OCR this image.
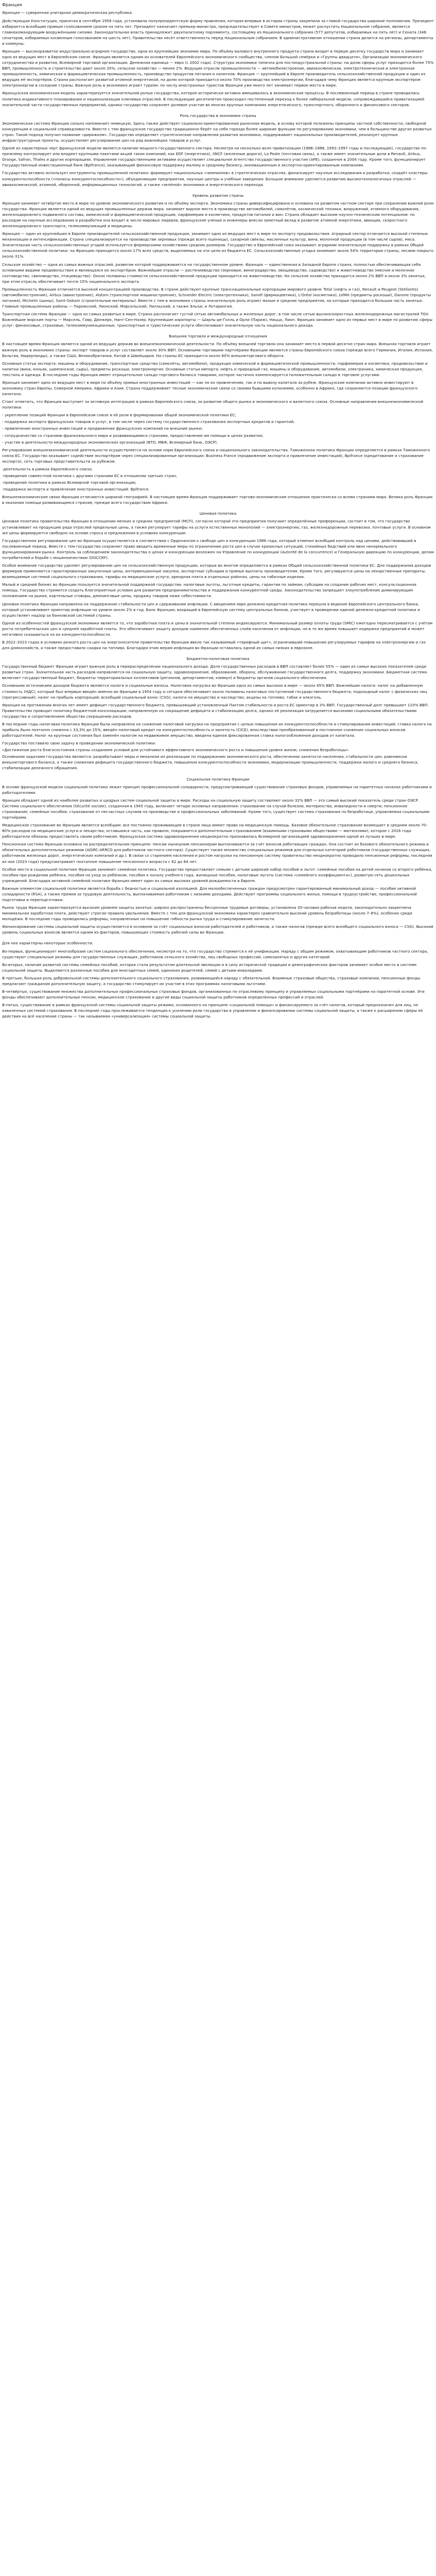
Франция

Франция — суверенная унитарная демократическая республика.

Действующая Конституция, принятая в сентябре 1958 года, установила полупрезидентскую форму правления, которая впервые в истории страны закрепила за главой государства широкие полномочия. Президент избирается всеобщим прямым голосованием сроком на пять лет. Президент назначает премьер-министра, председательствует в Совете министров, может распустить Национальное собрание, является главнокомандующим вооружёнными силами. Законодательная власть принадлежит двухпалатному парламенту, состоящему из Национального собрания (577 депутатов, избираемых на пять лет) и Сената (348 сенаторов, избираемых косвенным голосованием на шесть лет). Правительство несёт ответственность перед Национальным собранием. В административном отношении страна делится на регионы, департаменты и коммуны.

Франция — высокоразвитое индустриально-аграрное государство, одна из крупнейших экономик мира. По объёму валового внутреннего продукта страна входит в первую десятку государств мира и занимает одно из ведущих мест в Европейском союзе. Франция является одним из основателей Европейского экономического сообщества, членом Большой семёрки и «Группы двадцати», Организации экономического сотрудничества и развития, Всемирной торговой организации. Денежная единица — евро (с 2002 года). Структура экономики типична для постиндустриальной страны: на долю сферы услуг приходится более 70% ВВП, промышленность и строительство дают около 20%, сельское хозяйство — менее 2%. Ведущие отрасли промышленности — автомобилестроение, авиакосмическая, электротехническая и электронная промышленность, химическая и фармацевтическая промышленность, производство продуктов питания и напитков. Франция — крупнейший в Европе производитель сельскохозяйственной продукции и один из ведущих её экспортёров. Страна располагает развитой атомной энергетикой, на долю которой приходится около 70% производства электроэнергии, благодаря чему Франция является крупным экспортёром электроэнергии в соседние страны. Важную роль в экономике играет туризм: по числу иностранных туристов Франция уже много лет занимает первое место в мире.

Французская экономическая модель характеризуется значительной ролью государства, которое исторически активно вмешивалось в экономические процессы. В послевоенный период в стране проводилась политика индикативного планирования и национализации ключевых отраслей. В последующие десятилетия происходил постепенный переход к более либеральной модели, сопровождавшийся приватизацией значительной части государственных предприятий, однако государство сохраняет долевое участие во многих крупных компаниях энергетического, транспортного, оборонного и финансового секторов.

Роль государства в экономике страны

Экономическая система Франции сильно напоминает немецкую. Здесь также действует социально-ориентированная рыночная модель, в основу которой положены принципы частной собственности, свободной конкуренции и социальной справедливости. Вместе с тем французское государство традиционно берёт на себя гораздо более широкие функции по регулированию экономики, чем в большинстве других развитых стран. Такой подход получил название «дирижизм». Государство определяет стратегические направления развития экономики, поддерживает национальных производителей, реализует крупные инфраструктурные проекты, осуществляет регулирование цен на ряд важнейших товаров и услуг.

Одной из характерных черт французской модели является наличие мощного государственного сектора. Несмотря на несколько волн приватизации (1986–1988, 1993–1997 годы и последующие), государство по-прежнему контролирует или владеет крупными пакетами акций таких компаний, как EDF (энергетика), SNCF (железные дороги), La Poste (почтовая связь), а также имеет значительные доли в Renault, Airbus, Orange, Safran, Thales и других корпорациях. Управление государственными активами осуществляет специальное Агентство государственного участия (APE), созданное в 2004 году. Кроме того, функционирует Государственный инвестиционный банк (Bpifrance), оказывающий финансовую поддержку малому и среднему бизнесу, инновационным и экспортно-ориентированным компаниям.

Государство активно использует инструменты промышленной политики: формирует национальных «чемпионов» в стратегических отраслях, финансирует научные исследования и разработки, создаёт кластеры конкурентоспособности («полюсы конкурентоспособности»), объединяющие предприятия, научные центры и учебные заведения. Большое внимание уделяется развитию высокотехнологичных отраслей — авиакосмической, атомной, оборонной, информационных технологий, а также «зелёной» экономики и энергетического перехода.

Уровень развития страны

Франция занимает четвёртое место в мире по уровню экономического развития и по объёму экспорта. Экономика страны диверсифицирована и основана на развитом частном секторе при сохранении важной роли государства. Франция является одной из ведущих промышленных держав мира: занимает видное место в производстве автомобилей, самолётов, космической техники, вооружений, атомного оборудования, железнодорожного подвижного состава, химической и фармацевтической продукции, парфюмерии и косметики, продуктов питания и вин. Страна обладает высоким научно-техническим потенциалом: по расходам на научные исследования и разработки она входит в число мировых лидеров, французские учёные и инженеры внесли заметный вклад в развитие атомной энергетики, авиации, скоростного железнодорожного транспорта, телекоммуникаций и медицины.

Франция — один из крупнейших в Европе производителей сельскохозяйственной продукции, занимает одно из ведущих мест в мире по экспорту продовольствия. Аграрный сектор отличается высокой степенью механизации и интенсификации. Страна специализируется на производстве зерновых (прежде всего пшеницы), сахарной свёклы, масличных культур, вина, молочной продукции (в том числе сыров), мяса. Значительная часть сельскохозяйственных угодий используется фермерскими хозяйствами средних размеров. Государство и Европейский союз оказывают аграриям значительную поддержку в рамках Общей сельскохозяйственной политики: на Францию приходится около 17% всех средств, выделяемых на эти цели из бюджета ЕС. Сельскохозяйственные угодья занимают около 54% территории страны, лесами покрыто около 31%.

Сельское хозяйство — одна из самых важных отраслей, развитие которой поддерживается на государственном уровне. Франция — единственная в Западной Европе страна, полностью обеспечивающая себя основными видами продовольствия и являющаяся их экспортёром. Важнейшие отрасли — растениеводство (зерновые, виноградарство, овощеводство, садоводство) и животноводство (мясное и молочное скотоводство, свиноводство, птицеводство). Около половины стоимости сельскохозяйственной продукции приходится на животноводство. На сельское хозяйство приходится около 2% ВВП и около 3% занятых, при этом отрасль обеспечивает почти 15% национального экспорта.

Промышленность Франции отличается высокой концентрацией производства. В стране действуют крупные транснациональные корпорации мирового уровня: Total (нефть и газ), Renault и Peugeot (Stellantis) (автомобилестроение), Airbus (авиастроение), Alstom (транспортное машиностроение), Schneider Electric (электротехника), Sanofi (фармацевтика), L'Oréal (косметика), LVMH (предметы роскоши), Danone (продукты питания), Michelin (шины), Saint-Gobain (строительные материалы). Вместе с тем в экономике страны значительную роль играют малые и средние предприятия, на которые приходится большая часть занятых. Главные промышленные районы — Парижский, Лионский, Марсельский, Лилльский, а также Эльзас и Лотарингия.

Транспортная система Франции — одна из самых развитых в мире. Страна располагает густой сетью автомобильных и железных дорог, в том числе сетью высокоскоростных железнодорожных магистралей TGV. Важнейшие морские порты — Марсель, Гавр, Дюнкерк, Нант-Сен-Назер. Крупнейшие аэропорты — Шарль-де-Голль и Орли (Париж), Ницца, Лион. Франция занимает одно из первых мест в мире по развитию сферы услуг: финансовые, страховые, телекоммуникационные, транспортные и туристические услуги обеспечивают значительную часть национального дохода.

Внешняя торговля и международные отношения

В настоящее время Франция является одной из ведущих держав во внешнеэкономической деятельности. По объёму внешней торговли она занимает место в первой десятке стран мира. Внешняя торговля играет важную роль в экономике страны: экспорт товаров и услуг составляет около 30% ВВП. Основными торговыми партнёрами Франции являются страны Европейского союза (прежде всего Германия, Италия, Испания, Бельгия, Нидерланды), а также США, Великобритания, Китай и Швейцария. На страны ЕС приходится около 60% внешнеторгового оборота.

Основные статьи экспорта: машины и оборудование, транспортные средства (самолёты, автомобили), продукция химической и фармацевтической промышленности, парфюмерия и косметика, продовольствие и напитки (вина, коньяк, шампанское, сыры), предметы роскоши, электроэнергия. Основные статьи импорта: нефть и природный газ, машины и оборудование, автомобили, электроника, химическая продукция, текстиль и одежда. В последние годы Франция имеет отрицательное сальдо торгового баланса товарами, которое частично компенсируется положительным сальдо в торговле услугами.

Франция занимает одно из ведущих мест в мире по объёму прямых иностранных инвестиций — как по их привлечению, так и по вывозу капитала за рубеж. Французские компании активно инвестируют в экономику стран Европы, Северной Америки, Африки и Азии. Страна поддерживает тесные экономические связи со своими бывшими колониями, особенно в Африке, где сохраняются позиции французского капитала.

Стоит отметить, что Франция выступает за активную интеграцию в рамках Европейского союза, за развитие общего рынка и экономического и валютного союза. Основные направления внешнеэкономической политики:

- укрепление позиций Франции в Европейском союзе и её роли в формировании общей экономической политики ЕС;
- поддержка экспорта французских товаров и услуг, в том числе через систему государственного страхования экспортных кредитов и гарантий;
- привлечение иностранных инвестиций и продвижение французских компаний на внешние рынки;
- сотрудничество со странами франкоязычного мира и развивающимися странами, предоставление им помощи в целях развития;
- участие в деятельности международных экономических организаций (ВТО, МВФ, Всемирный банк, ОЭСР).

Регулирование внешнеэкономической деятельности осуществляется на основе норм Европейского союза и национального законодательства. Таможенная политика Франции определяется в рамках Таможенного союза ЕС. Государство оказывает содействие экспортёрам через специализированные организации: Business France (продвижение экспорта и привлечение инвестиций), Bpifrance (кредитование и страхование экспорта), сеть торговых представительств за рубежом.

·деятельность в рамках Европейского союза;
·проведение совместной политики с другими странами ЕС в отношении третьих стран;
·проведение политики в рамках Всемирной торговой организации;
·поддержка экспорта и привлечение иностранных инвестиций: Bpifrance.

Внешнеэкономические связи Франции отличаются широкой географией. В настоящее время Франция поддерживает торгово-экономические отношения практически со всеми странами мира. Велика роль Франции в оказании помощи развивающимся странам, прежде всего государствам Африки.

Ценовая политика

Ценовая политика правительства Франции в отношении мелких и средних предприятий (МСП), согласно которой эти предприятия получают определённые преференции, состоит в том, что государство устанавливает на продукцию ряда отраслей предельные цены, а также регулирует тарифы на услуги естественных монополий — электроэнергию, газ, железнодорожные перевозки, почтовые услуги. В основном же цены формируются свободно на основе спроса и предложения в условиях конкуренции.

Государственное регулирование цен во Франции осуществляется в соответствии с Ордонансом о свободе цен и конкуренции 1986 года, который отменил всеобщий контроль над ценами, действовавший в послевоенный период. Вместе с тем государство сохраняет право вводить временные меры по ограничению роста цен в случае кризисных ситуаций, стихийных бедствий или явно ненормального функционирования рынка. Контроль за соблюдением законодательства о ценах и конкуренции возложен на Управление по конкуренции (Autorité de la concurrence) и Генеральную дирекцию по конкуренции, делам потребителей и борьбе с мошенничеством (DGCCRF).

Особое внимание государство уделяет регулированию цен на сельскохозяйственную продукцию, которые во многом определяются в рамках Общей сельскохозяйственной политики ЕС. Для поддержания доходов фермеров применяются гарантированные закупочные цены, интервенционные закупки, экспортные субсидии и прямые выплаты производителям. Кроме того, регулируются цены на лекарственные препараты, возмещаемые системой социального страхования, тарифы на медицинские услуги, арендная плата в отдельных районах, цены на табачные изделия.

Малый и средний бизнес во Франции пользуется значительной поддержкой государства: налоговые льготы, льготные кредиты, гарантии по займам, субсидии на создание рабочих мест, консультационная помощь. Государство стремится создать благоприятные условия для развития предпринимательства и поддержания конкурентной среды. Законодательство запрещает злоупотребление доминирующим положением на рынке, картельные сговоры, демпинговые цены, продажу товаров ниже себестоимости.

Ценовая политика Франции направлена на поддержание стабильности цен и сдерживание инфляции. С введением евро денежно-кредитная политика перешла в ведение Европейского центрального банка, который устанавливает ориентир инфляции на уровне около 2% в год. Банк Франции, входящий в Европейскую систему центральных банков, участвует в проведении единой денежно-кредитной политики и осуществляет надзор за банковской системой страны.

Одной из особенностей французской экономики является то, что заработная плата и цены в значительной степени индексируются. Минимальный размер оплаты труда (SMIC) ежегодно пересматривается с учётом роста потребительских цен и средней заработной платы. Это обеспечивает защиту доходов наименее обеспеченных слоёв населения от инфляции, но в то же время повышает издержки предприятий и может негативно сказываться на их конкурентоспособности.

В 2022–2023 годах в условиях резкого роста цен на энергоносители правительство Франции ввело так называемый «тарифный щит», ограничивший повышение регулируемых тарифов на электроэнергию и газ для домохозяйств, а также предоставило скидки на топливо. Благодаря этим мерам инфляция во Франции оставалась одной из самых низких в еврозоне.

Бюджетно-налоговая политика

Государственный бюджет Франции играет важную роль в перераспределении национального дохода. Доля государственных расходов в ВВП составляет более 55% — один из самых высоких показателей среди развитых стран. Значительная часть расходов направляется на социальную защиту, здравоохранение, образование, оборону, обслуживание государственного долга, поддержку экономики. Бюджетная система включает государственный бюджет, бюджеты территориальных коллективов (регионов, департаментов, коммун) и бюджеты органов социального обеспечения.

Основными источниками доходов бюджета являются налоги и социальные взносы. Налоговая нагрузка во Франции одна из самых высоких в мире — около 45% ВВП. Важнейшие налоги: налог на добавленную стоимость (НДС), который был впервые введён именно во Франции в 1954 году и сегодня обеспечивает около половины налоговых поступлений государственного бюджета; подоходный налог с физических лиц (прогрессивный); налог на прибыль корпораций; всеобщий социальный взнос (CSG); налоги на имущество и наследство; акцизы на топливо, табак и алкоголь.

Франция на протяжении многих лет имеет дефицит государственного бюджета, превышающий установленный Пактом стабильности и роста ЕС ориентир в 3% ВВП. Государственный долг превышает 110% ВВП. Правительство проводит политику бюджетной консолидации, направленную на сокращение дефицита и стабилизацию долга, однако её реализация затрудняется высокими социальными обязательствами государства и сопротивлением общества сокращению расходов.

В последние годы налоговая политика Франции была направлена на снижение налоговой нагрузки на предприятия с целью повышения их конкурентоспособности и стимулирования инвестиций: ставка налога на прибыль была поэтапно снижена с 33,3% до 25%, введён налоговый кредит на конкурентоспособность и занятость (CICE), впоследствии преобразованный в постоянное снижение социальных взносов работодателей. Налог на крупные состояния был заменён налогом на недвижимое имущество, введена единая фиксированная ставка налогообложения доходов от капитала.

Государство поставило свою задачу в проведении экономической политики:
«Достижение роста благосостояния страны созданием условий для устойчивого эффективного экономического роста и повышения уровня жизни, снижения безработицы».
Основными задачами государства являются: разрабатывает меры и механизм их реализации по поддержанию экономического роста, обеспечению занятости населения, стабильности цен, равновесия внешнеторгового баланса, а также снижения дефицита государственного бюджета, повышения конкурентоспособности экономики, модернизации промышленности, поддержки малого и среднего бизнеса, стабилизации денежного обращения.
Социальная политика Франции

В основе французской модели социальной политики лежит принцип профессиональной солидарности, предусматривающий существование страховых фондов, управляемых на паритетных началах работниками и работодателями.

Франция обладает одной из наиболее развитых и щедрых систем социальной защиты в мире. Расходы на социальную защиту составляют около 32% ВВП — это самый высокий показатель среди стран ОЭСР. Система социального обеспечения (Sécurité sociale), созданная в 1945 году, включает четыре основных направления: страхование на случай болезни, материнства, инвалидности и смерти; пенсионное страхование; семейные пособия; страхование от несчастных случаев на производстве и профессиональных заболеваний. Кроме того, существует система страхования по безработице, управляемая социальными партнёрами.

Медицинское страхование во Франции является всеобщим: все постоянно проживающие в стране лица имеют право на медицинскую помощь. Базовое обязательное страхование возмещает в среднем около 70–80% расходов на медицинские услуги и лекарства; оставшаяся часть, как правило, покрывается дополнительным страхованием (взаимными страховыми обществами — мютюэлями), которое с 2016 года работодатели обязаны предоставлять своим работникам. Французская система здравоохранения неоднократно признавалась Всемирной организацией здравоохранения одной из лучших в мире.

Пенсионная система Франции основана на распределительном принципе: пенсии нынешним пенсионерам выплачиваются за счёт взносов работающих граждан. Она состоит из базового обязательного режима и обязательных дополнительных режимов (AGIRC-ARRCO для работников частного сектора). Существует также множество специальных режимов для отдельных категорий работников (государственных служащих, работников железных дорог, энергетических компаний и др.). В связи со старением населения и ростом нагрузки на пенсионную систему правительство неоднократно проводило пенсионные реформы; последняя из них (2023 года) предусматривает поэтапное повышение пенсионного возраста с 62 до 64 лет.

Особое место в социальной политике Франции занимает семейная политика. Государство предоставляет семьям с детьми широкий набор пособий и льгот: семейные пособия на детей начиная со второго ребёнка, пособия при рождении ребёнка, пособия на уход за ребёнком, пособия к началу учебного года, жилищные пособия, налоговые льготы (система «семейного коэффициента»), развитую сеть дошкольных учреждений. Благодаря активной семейной политике Франция имеет один из самых высоких уровней рождаемости в Европе.

Важным элементом социальной политики является борьба с бедностью и социальной изоляцией. Для малообеспеченных граждан предусмотрен гарантированный минимальный доход — пособие активной солидарности (RSA), а также премия за трудовую деятельность, выплачиваемая работникам с низкими доходами. Действуют программы социального жилья, помощи в трудоустройстве, профессиональной подготовки и переподготовки.

Рынок труда Франции характеризуется высоким уровнем защиты занятых: широко распространены бессрочные трудовые договоры, установлена 35-часовая рабочая неделя, законодательно закреплена минимальная заработная плата, действуют строгие правила увольнения. Вместе с тем для французской экономики характерен сравнительно высокий уровень безработицы (около 7–8%), особенно среди молодёжи. В последние годы проводились реформы, направленные на повышение гибкости рынка труда и стимулирование занятости.

Финансирование системы социальной защиты осуществляется в основном за счёт социальных взносов работодателей и работников, а также налогов (прежде всего всеобщего социального взноса — CSG). Высокий уровень социальных взносов является одним из факторов, повышающих стоимость рабочей силы во Франции.

Для нее характерны некоторые особенности:

Во-первых, функционирует многообразие систем социального обеспечения, несмотря на то, что государство стремится к её унификации. Наряду с общим режимом, охватывающим работников частного сектора, существуют специальные режимы для государственных служащих, работников сельского хозяйства, лиц свободных профессий, самозанятых и других категорий.

Во-вторых, наличие развитой системы семейных пособий, которая стала результатом длительной эволюции и в силу исторической традиции и демографических факторов занимает особое место в системе социальной защиты. Выделяются различные пособия для многодетных семей, одиноких родителей, семей с детьми-инвалидами.

В-третьих, большая роль добровольной системы дополнительного социального страхования, развивающейся наряду с обязательной. Взаимные страховые общества, страховые компании, пенсионные фонды предлагают гражданам дополнительную защиту, а государство стимулирует их участие в этих программах налоговыми льготами.

В-четвёртых, существование множества дополнительных профессиональных страховых фондов, организованных по отраслевому принципу и управляемых социальными партнёрами на паритетной основе. Эти фонды обеспечивают дополнительные пенсии, медицинское страхование и другие виды социальной защиты работников определённых профессий и отраслей.

В-пятых, существование в рамках французской системы социальной защиты режима, основанного на принципе «социальной помощи» и финансируемого за счёт налогов, который предназначен для лиц, не охваченных системой страхования. В последние годы прослеживается тенденция к усилению роли государства в управлении и финансировании системы социальной защиты, а также к расширению сферы её действия на всё население страны — так называемая «универсализация» системы социальной защиты.
